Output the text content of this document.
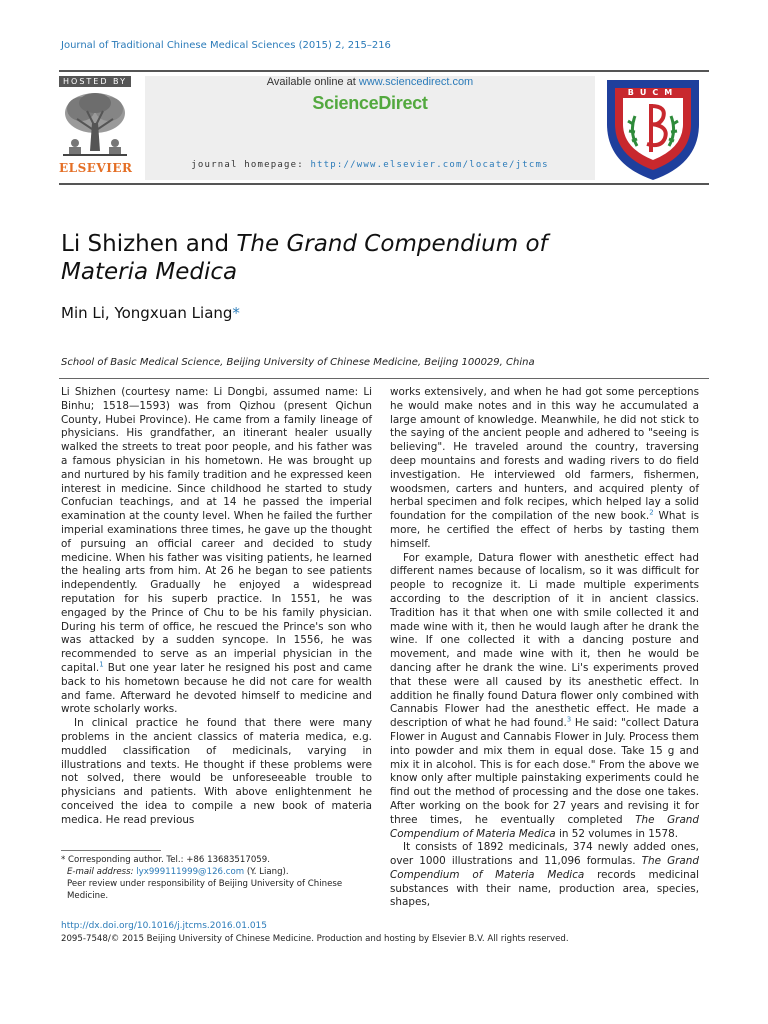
Journal of Traditional Chinese Medical Sciences (2015) 2, 215–216
HOSTED BY
ELSEVIER
Available online at www.sciencedirect.com
ScienceDirect
journal homepage: http://www.elsevier.com/locate/jtcms
BUCM
Li Shizhen and The Grand Compendium of
Materia Medica
Min Li, Yongxuan Liang*
School of Basic Medical Science, Beijing University of Chinese Medicine, Beijing 100029, China

Li Shizhen (courtesy name: Li Dongbi, assumed name: Li Binhu; 1518—1593) was from Qizhou (present Qichun County, Hubei Province). He came from a family lineage of physicians. His grandfather, an itinerant healer usually walked the streets to treat poor people, and his father was a famous physician in his hometown. He was brought up and nurtured by his family tradition and he expressed keen interest in medicine. Since childhood he started to study Confucian teachings, and at 14 he passed the imperial examination at the county level. When he failed the further imperial examinations three times, he gave up the thought of pursuing an official career and decided to study medicine. When his father was visiting patients, he learned the healing arts from him. At 26 he began to see patients independently. Gradually he enjoyed a widespread reputation for his superb practice. In 1551, he was engaged by the Prince of Chu to be his family physician. During his term of office, he rescued the Prince's son who was attacked by a sudden syncope. In 1556, he was recommended to serve as an imperial physician in the capital.$^1$ But one year later he resigned his post and came back to his hometown because he did not care for wealth and fame. Afterward he devoted himself to medicine and wrote scholarly works.

In clinical practice he found that there were many problems in the ancient classics of materia medica, e.g. muddled classification of medicinals, varying in illustrations and texts. He thought if these problems were not solved, there would be unforeseeable trouble to physicians and patients. With above enlightenment he conceived the idea to compile a new book of materia medica. He read previous

works extensively, and when he had got some perceptions he would make notes and in this way he accumulated a large amount of knowledge. Meanwhile, he did not stick to the saying of the ancient people and adhered to "seeing is believing". He traveled around the country, traversing deep mountains and forests and wading rivers to do field investigation. He interviewed old farmers, fishermen, woodsmen, carters and hunters, and acquired plenty of herbal specimen and folk recipes, which helped lay a solid foundation for the compilation of the new book.$^2$ What is more, he certified the effect of herbs by tasting them himself.

For example, Datura flower with anesthetic effect had different names because of localism, so it was difficult for people to recognize it. Li made multiple experiments according to the description of it in ancient classics. Tradition has it that when one with smile collected it and made wine with it, then he would laugh after he drank the wine. If one collected it with a dancing posture and movement, and made wine with it, then he would be dancing after he drank the wine. Li's experiments proved that these were all caused by its anesthetic effect. In addition he finally found Datura flower only combined with Cannabis Flower had the anesthetic effect. He made a description of what he had found.$^3$ He said: "collect Datura Flower in August and Cannabis Flower in July. Process them into powder and mix them in equal dose. Take 15 g and mix it in alcohol. This is for each dose." From the above we know only after multiple painstaking experiments could he find out the method of processing and the dose one takes. After working on the book for 27 years and revising it for three times, he eventually completed The Grand Compendium of Materia Medica in 52 volumes in 1578.

It consists of 1892 medicinals, 374 newly added ones, over 1000 illustrations and 11,096 formulas. The Grand Compendium of Materia Medica records medicinal substances with their name, production area, species, shapes,

* Corresponding author. Tel.: +86 13683517059.
E-mail address: lyx999111999@126.com (Y. Liang).
Peer review under responsibility of Beijing University of Chinese Medicine.
http://dx.doi.org/10.1016/j.jtcms.2016.01.015
2095-7548/© 2015 Beijing University of Chinese Medicine. Production and hosting by Elsevier B.V. All rights reserved.
